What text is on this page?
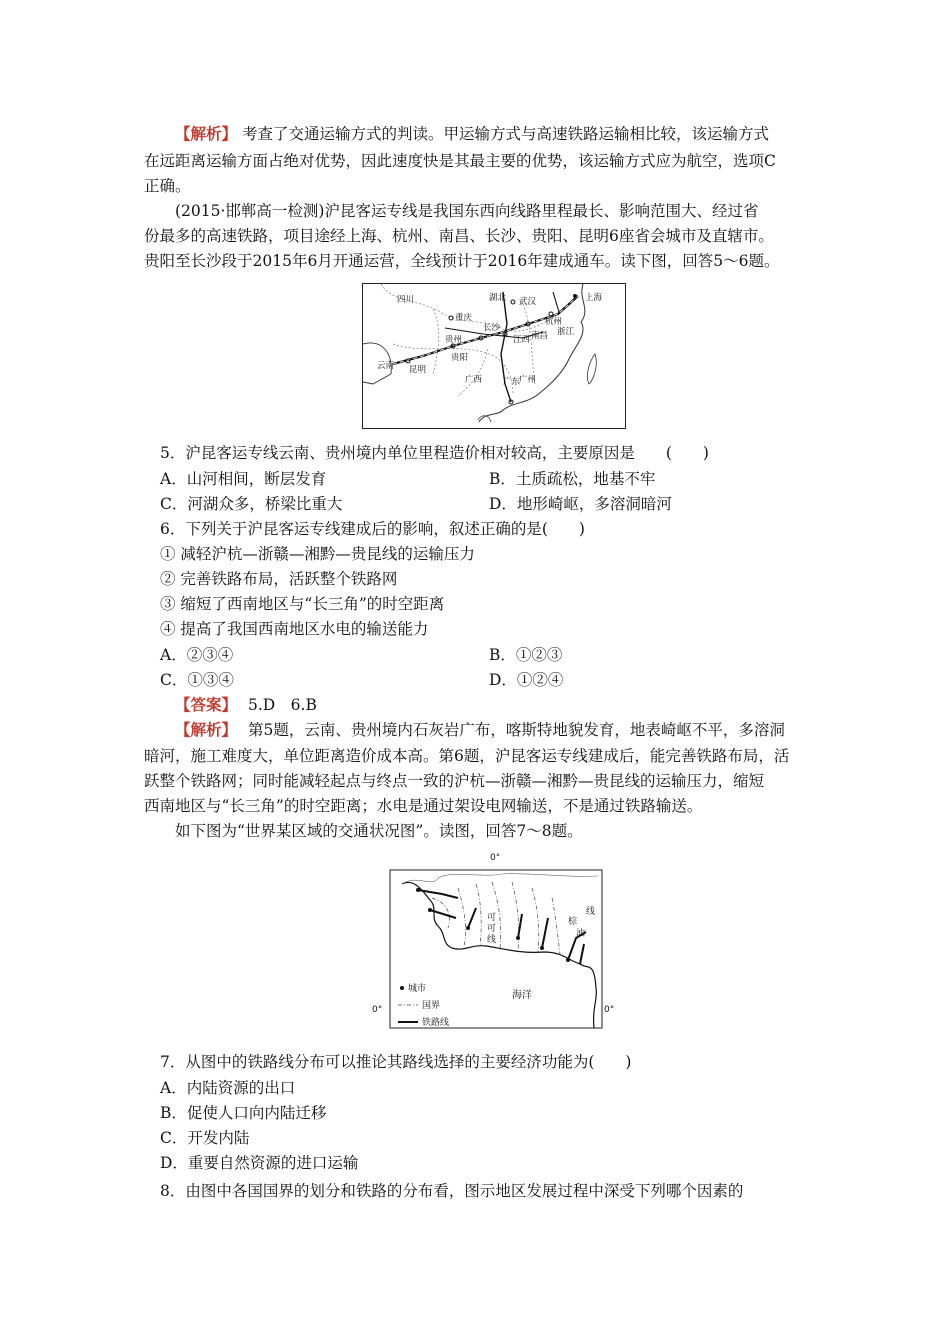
【解析】 考查了交通运输方式的判读。甲运输方式与高速铁路运输相比较，该运输方式
在远距离运输方面占绝对优势，因此速度快是其最主要的优势，该运输方式应为航空，选项C
正确。
(2015·邯郸高一检测)沪昆客运专线是我国东西向线路里程最长、影响范围大、经过省
份最多的高速铁路，项目途经上海、杭州、南昌、长沙、贵阳、昆明6座省会城市及直辖市。
贵阳至长沙段于2015年6月开通运营，全线预计于2016年建成通车。读下图，回答5～6题。
四川	湖北 武汉	上海
重庆
长沙
杭州
浙江
贵州	江西 南昌
云南
贵阳
昆明
广西 广东
广州
5．沪昆客运专线云南、贵州境内单位里程造价相对较高，主要原因是　　(　　)
A．山河相间，断层发育	B．土质疏松，地基不牢
C．河湖众多，桥梁比重大	D．地形崎岖，多溶洞暗河
6．下列关于沪昆客运专线建成后的影响，叙述正确的是(　　)
① 减轻沪杭—浙赣—湘黔—贵昆线的运输压力
② 完善铁路布局，活跃整个铁路网
③ 缩短了西南地区与“长三角”的时空距离
④ 提高了我国西南地区水电的输送能力
A．②③④	B．①②③
C．①③④	D．①②④
【答案】 5.D　6.B
【解析】 第5题，云南、贵州境内石灰岩广布，喀斯特地貌发育，地表崎岖不平，多溶洞
暗河，施工难度大，单位距离造价成本高。第6题，沪昆客运专线建成后，能完善铁路布局，活
跃整个铁路网；同时能减轻起点与终点一致的沪杭—浙赣—湘黔—贵昆线的运输压力，缩短
西南地区与“长三角”的时空距离；水电是通过架设电网输送，不是通过铁路输送。
如下图为“世界某区域的交通状况图”。读图，回答7～8题。
0°
0°	0°
可
可
线
棕
油
线
海洋
城市
国界
铁路线
7．从图中的铁路线分布可以推论其路线选择的主要经济功能为(　　)
A．内陆资源的出口
B．促使人口向内陆迁移
C．开发内陆
D．重要自然资源的进口运输
8．由图中各国国界的划分和铁路的分布看，图示地区发展过程中深受下列哪个因素的
